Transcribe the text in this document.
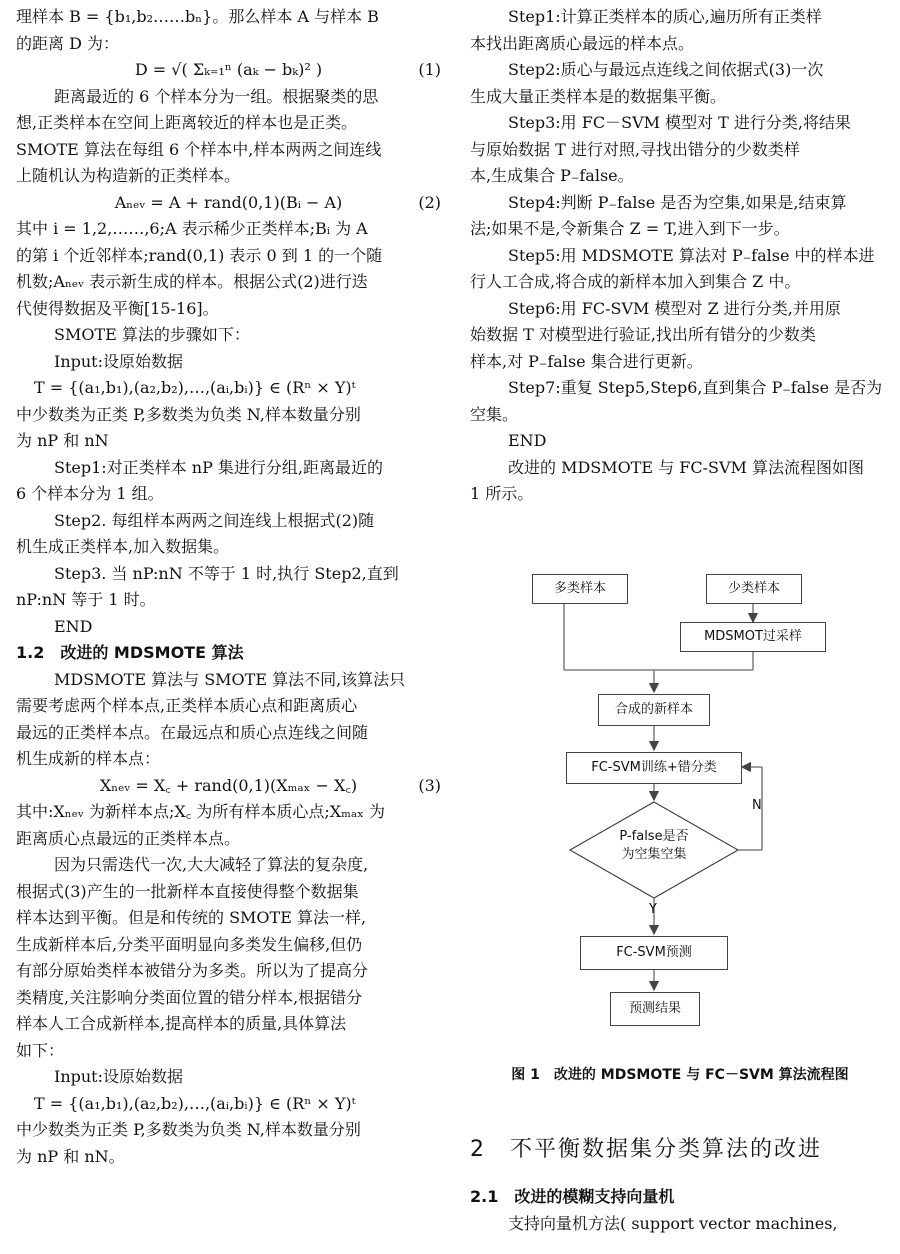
理样本 B = {b₁,b₂……bₙ}。那么样本 A 与样本 B
的距离 D 为：
D = √( Σₖ₌₁ⁿ (aₖ − bₖ)² )	(1)
距离最近的 6 个样本分为一组。根据聚类的思
想,正类样本在空间上距离较近的样本也是正类。
SMOTE 算法在每组 6 个样本中,样本两两之间连线
上随机认为构造新的正类样本。
Aₙₑᵥ = A + rand(0,1)(Bᵢ − A)	(2)
其中 i = 1,2,……,6;A 表示稀少正类样本;Bᵢ 为 A
的第 i 个近邻样本;rand(0,1) 表示 0 到 1 的一个随
机数;Aₙₑᵥ 表示新生成的样本。根据公式(2)进行迭
代使得数据及平衡[15-16]。
SMOTE 算法的步骤如下：
Input:设原始数据
T = {(a₁,b₁),(a₂,b₂),…,(aᵢ,bᵢ)} ∈ (Rⁿ × Y)ᵗ
中少数类为正类 P,多数类为负类 N,样本数量分别
为 nP 和 nN
Step1:对正类样本 nP 集进行分组,距离最近的
6 个样本分为 1 组。
Step2. 每组样本两两之间连线上根据式(2)随
机生成正类样本,加入数据集。
Step3. 当 nP:nN 不等于 1 时,执行 Step2,直到
nP:nN 等于 1 时。
END
1.2　改进的 MDSMOTE 算法
MDSMOTE 算法与 SMOTE 算法不同,该算法只
需要考虑两个样本点,正类样本质心点和距离质心
最远的正类样本点。在最远点和质心点连线之间随
机生成新的样本点：
Xₙₑᵥ = X꜀ + rand(0,1)(Xₘₐₓ − X꜀)	(3)
其中:Xₙₑᵥ 为新样本点;X꜀ 为所有样本质心点;Xₘₐₓ 为
距离质心点最远的正类样本点。
因为只需迭代一次,大大减轻了算法的复杂度,
根据式(3)产生的一批新样本直接使得整个数据集
样本达到平衡。但是和传统的 SMOTE 算法一样,
生成新样本后,分类平面明显向多类发生偏移,但仍
有部分原始类样本被错分为多类。所以为了提高分
类精度,关注影响分类面位置的错分样本,根据错分
样本人工合成新样本,提高样本的质量,具体算法
如下：
Input:设原始数据
T = {(a₁,b₁),(a₂,b₂),…,(aᵢ,bᵢ)} ∈ (Rⁿ × Y)ᵗ
中少数类为正类 P,多数类为负类 N,样本数量分别
为 nP 和 nN。
Step1:计算正类样本的质心,遍历所有正类样
本找出距离质心最远的样本点。
Step2:质心与最远点连线之间依据式(3)一次
生成大量正类样本是的数据集平衡。
Step3:用 FC－SVM 模型对 T 进行分类,将结果
与原始数据 T 进行对照,寻找出错分的少数类样
本,生成集合 P₋false。
Step4:判断 P₋false 是否为空集,如果是,结束算
法;如果不是,令新集合 Z = T,进入到下一步。
Step5:用 MDSMOTE 算法对 P₋false 中的样本进
行人工合成,将合成的新样本加入到集合 Z 中。
Step6:用 FC-SVM 模型对 Z 进行分类,并用原
始数据 T 对模型进行验证,找出所有错分的少数类
样本,对 P₋false 集合进行更新。
Step7:重复 Step5,Step6,直到集合 P₋false 是否为
空集。
END
改进的 MDSMOTE 与 FC-SVM 算法流程图如图
1 所示。
多类样本	少类样本
MDSMOT过采样
合成的新样本
FC-SVM训练+错分类
P-false是否
为空集空集
N
Y
FC-SVM预测
预测结果
图 1　改进的 MDSMOTE 与 FC－SVM 算法流程图
2　不平衡数据集分类算法的改进
2.1　改进的模糊支持向量机
支持向量机方法( support vector machines,
